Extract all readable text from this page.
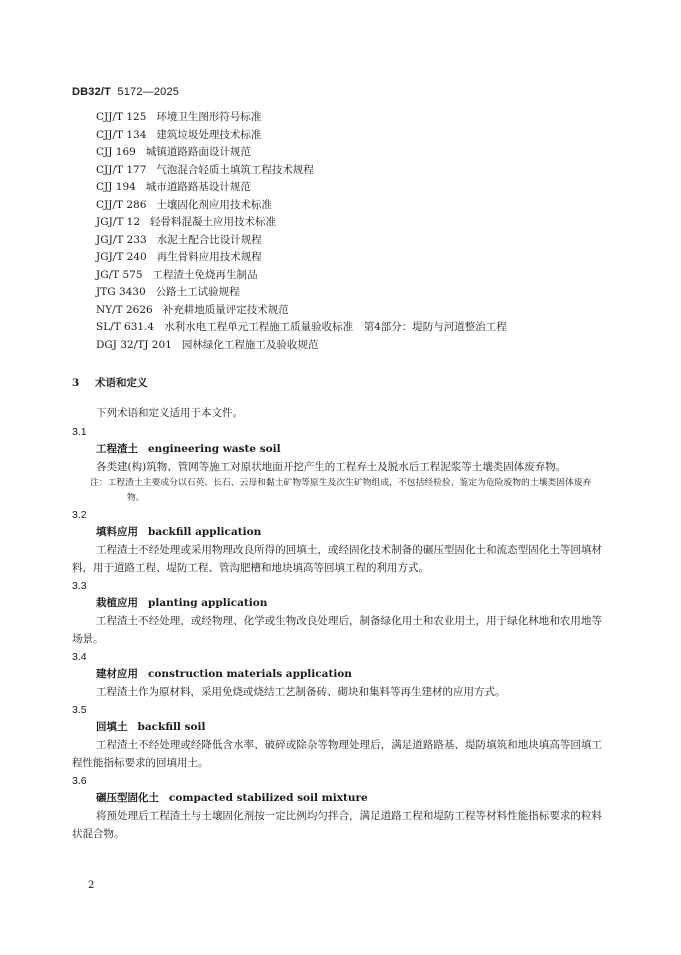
DB32/T 5172—2025
CJJ/T 125 环境卫生图形符号标准
CJJ/T 134 建筑垃圾处理技术标准
CJJ 169 城镇道路路面设计规范
CJJ/T 177 气泡混合轻质土填筑工程技术规程
CJJ 194 城市道路路基设计规范
CJJ/T 286 土壤固化剂应用技术标准
JGJ/T 12 轻骨料混凝土应用技术标准
JGJ/T 233 水泥土配合比设计规程
JGJ/T 240 再生骨料应用技术规程
JG/T 575 工程渣土免烧再生制品
JTG 3430 公路土工试验规程
NY/T 2626 补充耕地质量评定技术规范
SL/T 631.4 水利水电工程单元工程施工质量验收标准　第4部分：堤防与河道整治工程
DGJ 32/TJ 201 园林绿化工程施工及验收规范
3 术语和定义
下列术语和定义适用于本文件。
3.1
工程渣土 engineering waste soil
各类建(构)筑物、管网等施工对原状地面开挖产生的工程弃土及脱水后工程泥浆等土壤类固体废弃物。
注：工程渣土主要成分以石英、长石、云母和黏土矿物等原生及次生矿物组成，不包括经检验、鉴定为危险废物的土壤类固体废弃物。
3.2
填料应用 backfill application
工程渣土不经处理或采用物理改良所得的回填土，或经固化技术制备的碾压型固化土和流态型固化土等回填材料，用于道路工程、堤防工程、管沟肥槽和地块填高等回填工程的利用方式。
3.3
栽植应用 planting application
工程渣土不经处理，或经物理、化学或生物改良处理后，制备绿化用土和农业用土，用于绿化林地和农用地等场景。
3.4
建材应用 construction materials application
工程渣土作为原材料，采用免烧或烧结工艺制备砖、砌块和集料等再生建材的应用方式。
3.5
回填土 backfill soil
工程渣土不经处理或经降低含水率、破碎或除杂等物理处理后，满足道路路基、堤防填筑和地块填高等回填工程性能指标要求的回填用土。
3.6
碾压型固化土 compacted stabilized soil mixture
将预处理后工程渣土与土壤固化剂按一定比例均匀拌合，满足道路工程和堤防工程等材料性能指标要求的粒料状混合物。
2
